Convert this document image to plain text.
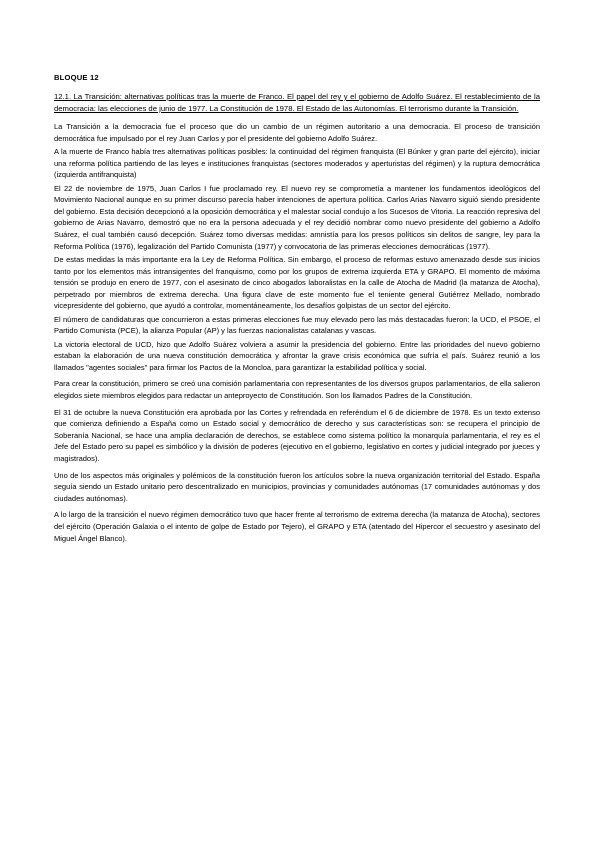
BLOQUE 12
12.1. La Transición: alternativas políticas tras la muerte de Franco. El papel del rey y el gobierno de Adolfo Suárez. El restablecimiento de la democracia: las elecciones de junio de 1977. La Constitución de 1978. El Estado de las Autonomías. El terrorismo durante la Transición.

La Transición a la democracia fue el proceso que dio un cambio de un régimen autoritario a una democracia. El proceso de transición democrática fue impulsado por el rey Juan Carlos y por el presidente del gobierno Adolfo Suárez.

A la muerte de Franco había tres alternativas políticas posibles: la continuidad del régimen franquista (El Búnker y gran parte del ejército), iniciar una reforma política partiendo de las leyes e instituciones franquistas (sectores moderados y aperturistas del régimen) y la ruptura democrática (izquierda antifranquista)

El 22 de noviembre de 1975, Juan Carlos I fue proclamado rey. El nuevo rey se comprometía a mantener los fundamentos ideológicos del Movimiento Nacional aunque en su primer discurso parecía haber intenciones de apertura política. Carlos Arias Navarro siguió siendo presidente del gobierno. Esta decisión decepcionó a la oposición democrática y el malestar social condujo a los Sucesos de Vitoria. La reacción represiva del gobierno de Arias Navarro, demostró que no era la persona adecuada y el rey decidió nombrar como nuevo presidente del gobierno a Adolfo Suárez, el cual también causó decepción. Suárez tomo diversas medidas: amnistía para los presos políticos sin delitos de sangre, ley para la Reforma Política (1976), legalización del Partido Comunista (1977) y convocatoria de las primeras elecciones democráticas (1977).

De estas medidas la más importante era la Ley de Reforma Política. Sin embargo, el proceso de reformas estuvo amenazado desde sus inicios tanto por los elementos más intransigentes del franquismo, como por los grupos de extrema izquierda ETA y GRAPO. El momento de máxima tensión se produjo en enero de 1977, con el asesinato de cinco abogados laboralistas en la calle de Atocha de Madrid (la matanza de Atocha), perpetrado por miembros de extrema derecha. Una figura clave de este momento fue el teniente general Gutiérrez Mellado, nombrado vicepresidente del gobierno, que ayudó a controlar, momentáneamente, los desafíos golpistas de un sector del ejército.

El número de candidaturas que concurrieron a estas primeras elecciones fue muy elevado pero las más destacadas fueron: la UCD, el PSOE, el Partido Comunista (PCE), la alianza Popular (AP) y las fuerzas nacionalistas catalanas y vascas.

La victoria electoral de UCD, hizo que Adolfo Suárez volviera a asumir la presidencia del gobierno. Entre las prioridades del nuevo gobierno estaban la elaboración de una nueva constitución democrática y afrontar la grave crisis económica que sufría el país. Suárez reunió a los llamados "agentes sociales" para firmar los Pactos de la Moncloa, para garantizar la estabilidad política y social.

Para crear la constitución, primero se creó una comisión parlamentaria con representantes de los diversos grupos parlamentarios, de ella salieron elegidos siete miembros elegidos para redactar un anteproyecto de Constitución. Son los llamados Padres de la Constitución.

El 31 de octubre la nueva Constitución era aprobada por las Cortes y refrendada en referéndum el 6 de diciembre de 1978. Es un texto extenso que comienza definiendo a España como un Estado social y democrático de derecho y sus características son: se recupera el principio de Soberanía Nacional, se hace una amplia declaración de derechos, se establece como sistema político la monarquía parlamentaria, el rey es el Jefe del Estado pero su papel es simbólico y la división de poderes (ejecutivo en el gobierno, legislativo en cortes y judicial integrado por jueces y magistrados).

Uno de los aspectos más originales y polémicos de la constitución fueron los artículos sobre la nueva organización territorial del Estado. España seguía siendo un Estado unitario pero descentralizado en municipios, provincias y comunidades autónomas (17 comunidades autónomas y dos ciudades autónomas).

A lo largo de la transición el nuevo régimen democrático tuvo que hacer frente al terrorismo de extrema derecha (la matanza de Atocha), sectores del ejército (Operación Galaxia o el intento de golpe de Estado por Tejero), el GRAPO y ETA (atentado del Hipercor el secuestro y asesinato del Miguel Ángel Blanco).
